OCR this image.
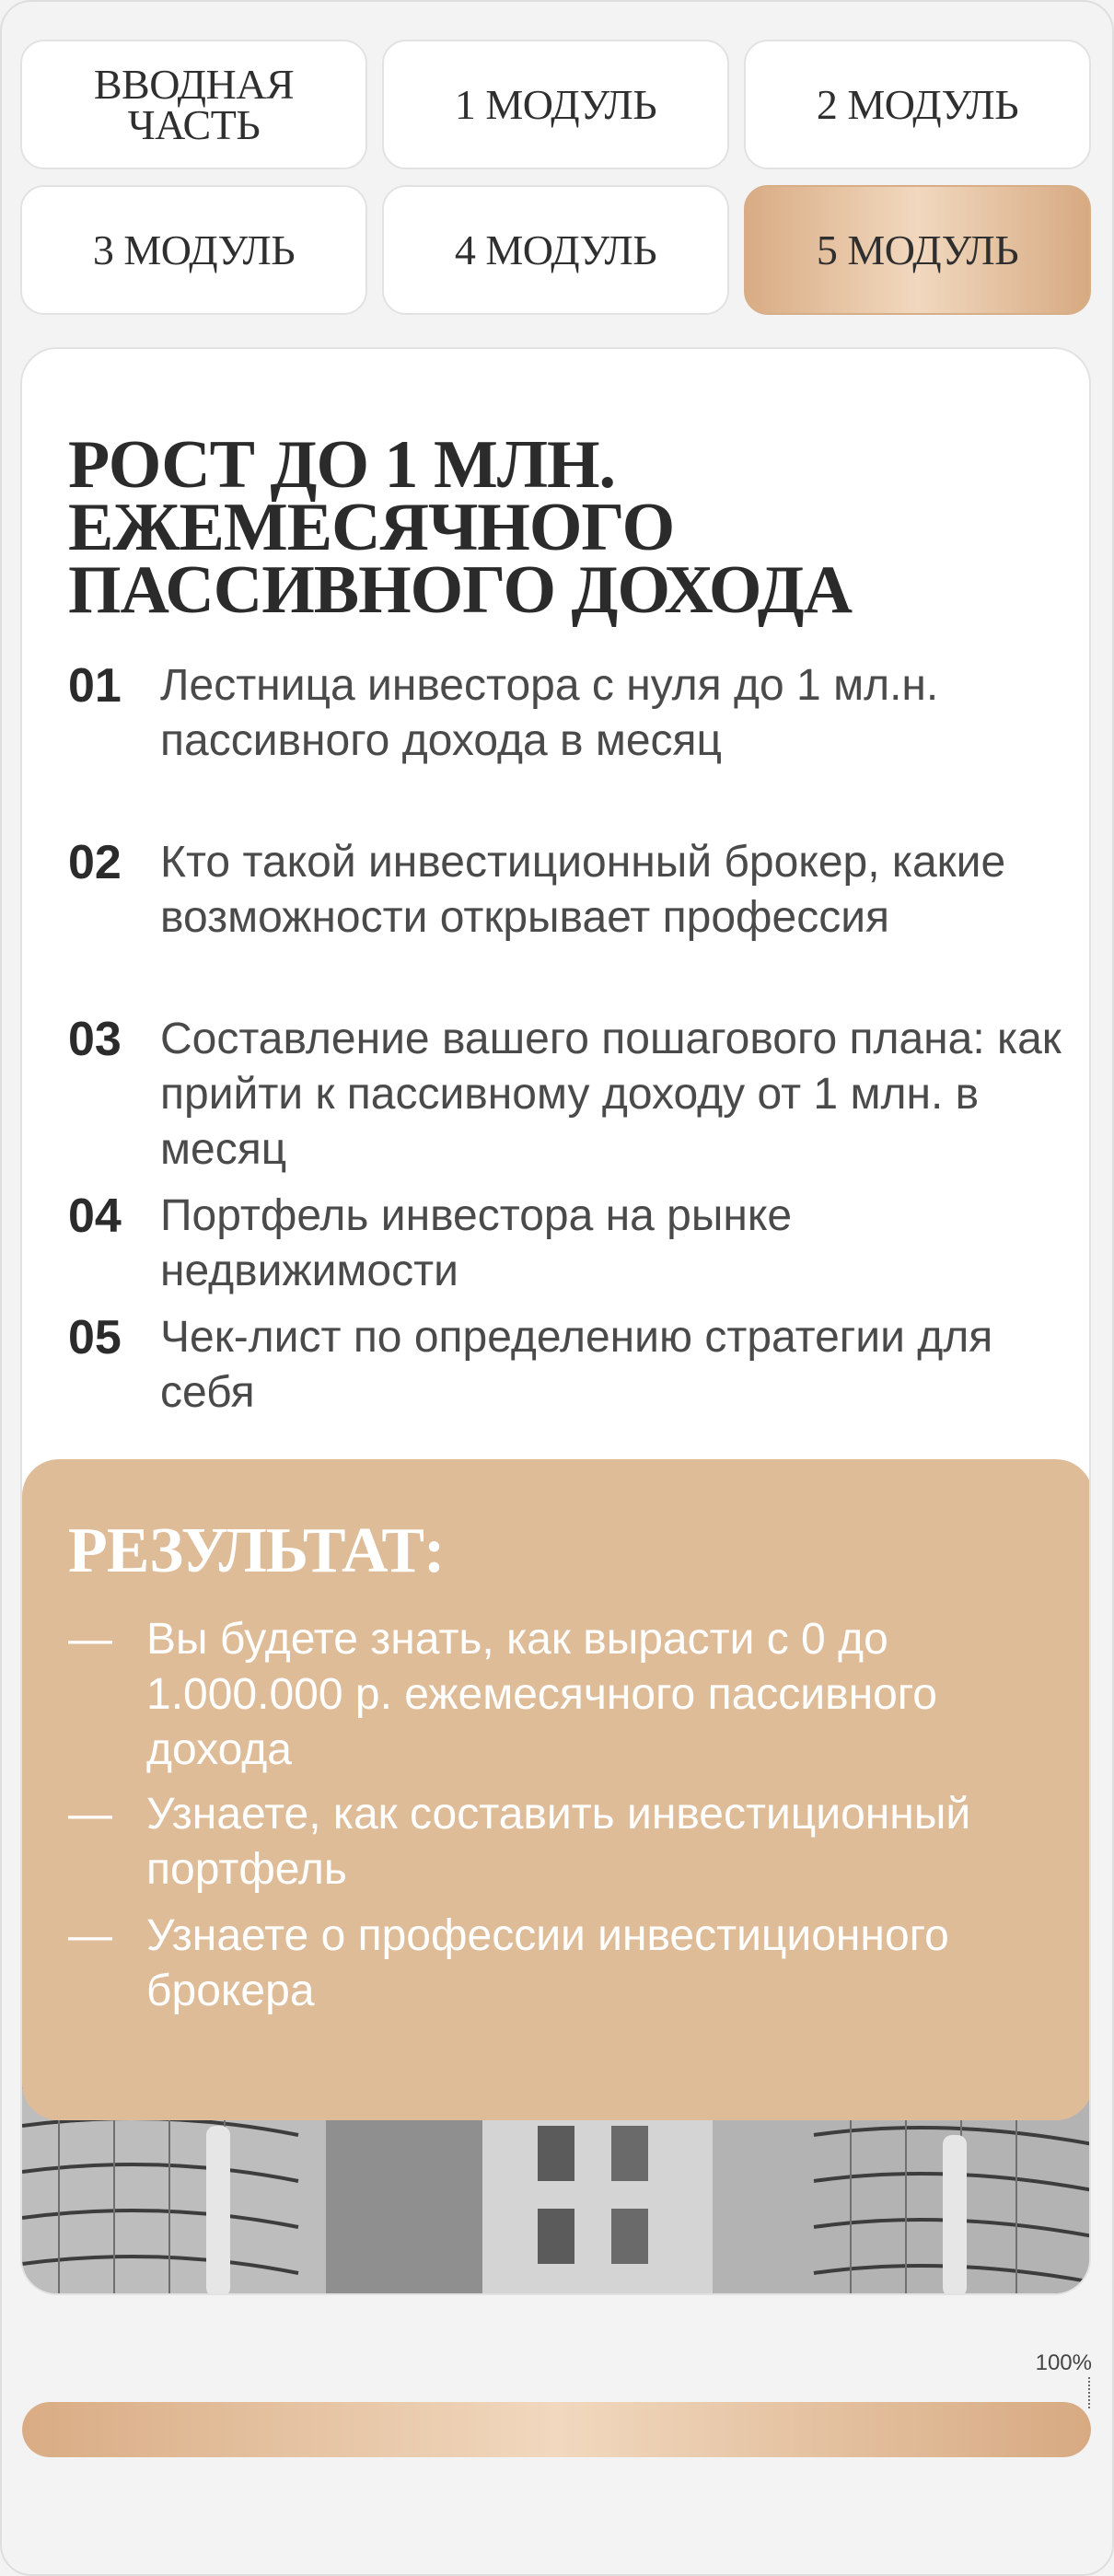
ВВОДНАЯ ЧАСТЬ	1 МОДУЛЬ	2 МОДУЛЬ
3 МОДУЛЬ	4 МОДУЛЬ	5 МОДУЛЬ
РОСТ ДО 1 МЛН. ЕЖЕМЕСЯЧНОГО ПАССИВНОГО ДОХОДА
01 Лестница инвестора с нуля до 1 мл.н. пассивного дохода в месяц
02 Кто такой инвестиционный брокер, какие возможности открывает профессия
03 Составление вашего пошагового плана: как прийти к пассивному доходу от 1 млн. в месяц
04 Портфель инвестора на рынке недвижимости
05 Чек-лист по определению стратегии для себя
РЕЗУЛЬТАТ:
— Вы будете знать, как вырасти с 0 до 1.000.000 р. ежемесячного пассивного дохода
— Узнаете, как составить инвестиционный портфель
— Узнаете о профессии инвестиционного брокера
100%
